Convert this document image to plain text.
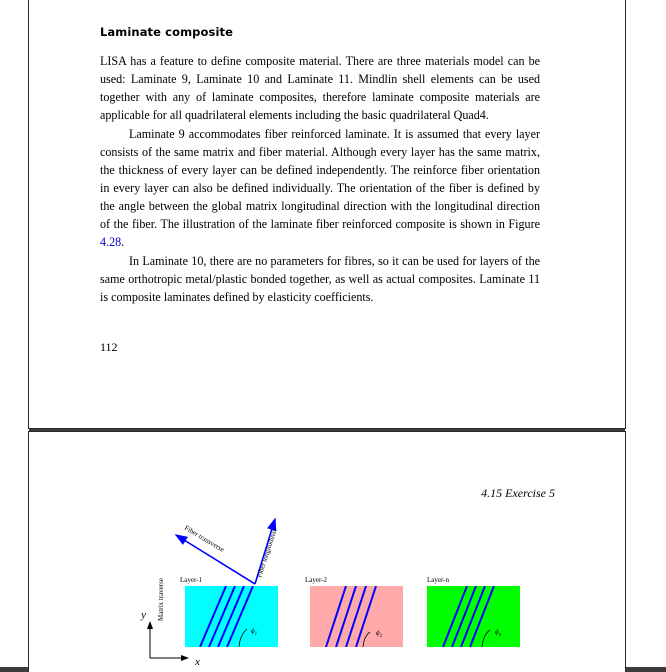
Laminate composite
LISA has a feature to define composite material. There are three materials model can be used: Laminate 9, Laminate 10 and Laminate 11. Mindlin shell elements can be used together with any of laminate composites, therefore laminate composite materials are applicable for all quadrilateral elements including the basic quadrilateral Quad4.
Laminate 9 accommodates fiber reinforced laminate. It is assumed that every layer consists of the same matrix and fiber material. Although every layer has the same matrix, the thickness of every layer can be defined independently. The reinforce fiber orientation in every layer can also be defined individually. The orientation of the fiber is defined by the angle between the global matrix longitudinal direction with the longitudinal direction of the fiber. The illustration of the laminate fiber reinforced composite is shown in Figure 4.28.
In Laminate 10, there are no parameters for fibres, so it can be used for layers of the same orthotropic metal/plastic bonded together, as well as actual composites. Laminate 11 is composite laminates defined by elasticity coefficients.
112
4.15 Exercise 5
Fiber transverse	Fiber longitudinal
Matrix traverse
y
x
Layer-1
$\phi_1$
Layer-2
$\phi_2$
Layer-n
$\phi_n$
